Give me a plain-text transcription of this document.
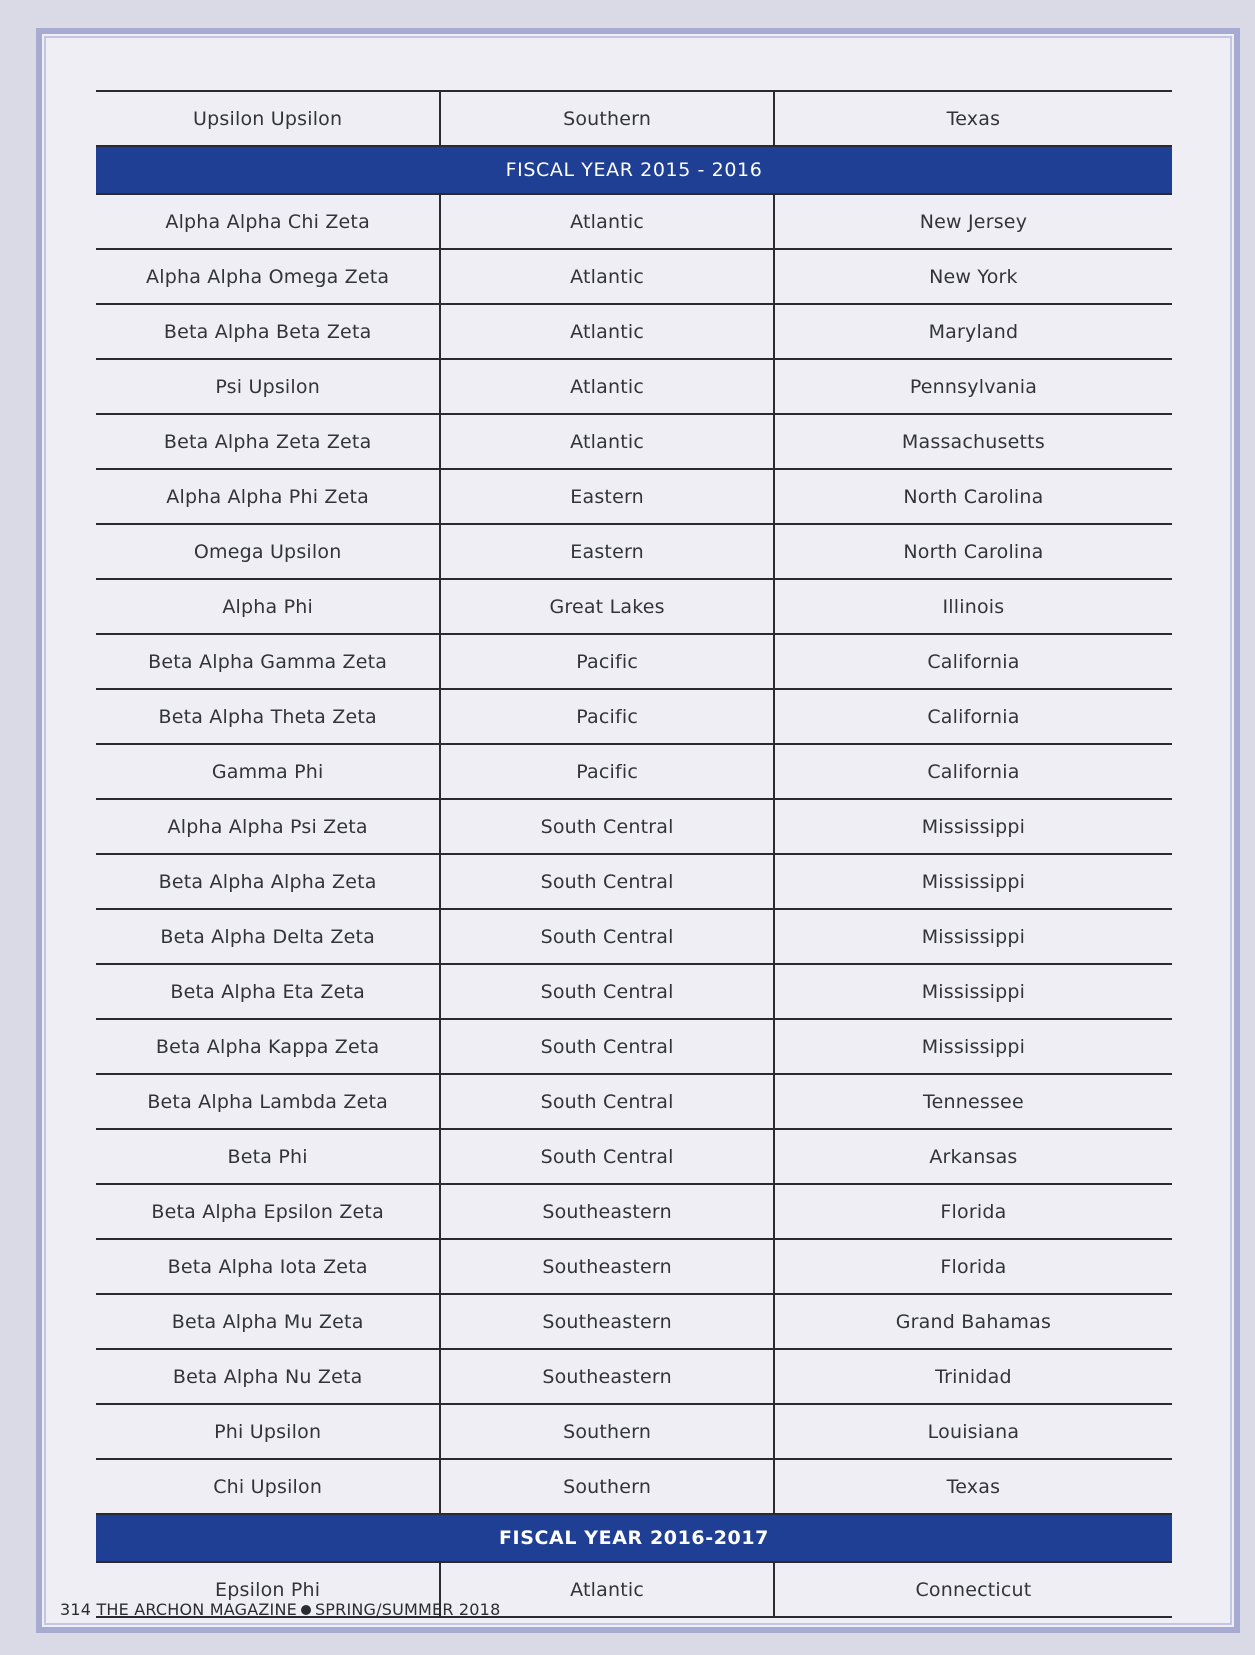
Upsilon Upsilon	Southern	Texas
FISCAL YEAR 2015 - 2016		
Alpha Alpha Chi Zeta	Atlantic	New Jersey
Alpha Alpha Omega Zeta	Atlantic	New York
Beta Alpha Beta Zeta	Atlantic	Maryland
Psi Upsilon	Atlantic	Pennsylvania
Beta Alpha Zeta Zeta	Atlantic	Massachusetts
Alpha Alpha Phi Zeta	Eastern	North Carolina
Omega Upsilon	Eastern	North Carolina
Alpha Phi	Great Lakes	Illinois
Beta Alpha Gamma Zeta	Pacific	California
Beta Alpha Theta Zeta	Pacific	California
Gamma Phi	Pacific	California
Alpha Alpha Psi Zeta	South Central	Mississippi
Beta Alpha Alpha Zeta	South Central	Mississippi
Beta Alpha Delta Zeta	South Central	Mississippi
Beta Alpha Eta Zeta	South Central	Mississippi
Beta Alpha Kappa Zeta	South Central	Mississippi
Beta Alpha Lambda Zeta	South Central	Tennessee
Beta Phi	South Central	Arkansas
Beta Alpha Epsilon Zeta	Southeastern	Florida
Beta Alpha Iota Zeta	Southeastern	Florida
Beta Alpha Mu Zeta	Southeastern	Grand Bahamas
Beta Alpha Nu Zeta	Southeastern	Trinidad
Phi Upsilon	Southern	Louisiana
Chi Upsilon	Southern	Texas
FISCAL YEAR 2016-2017		
Epsilon Phi	Atlantic	Connecticut
314 THE ARCHON MAGAZINE SPRING/SUMMER 2018
